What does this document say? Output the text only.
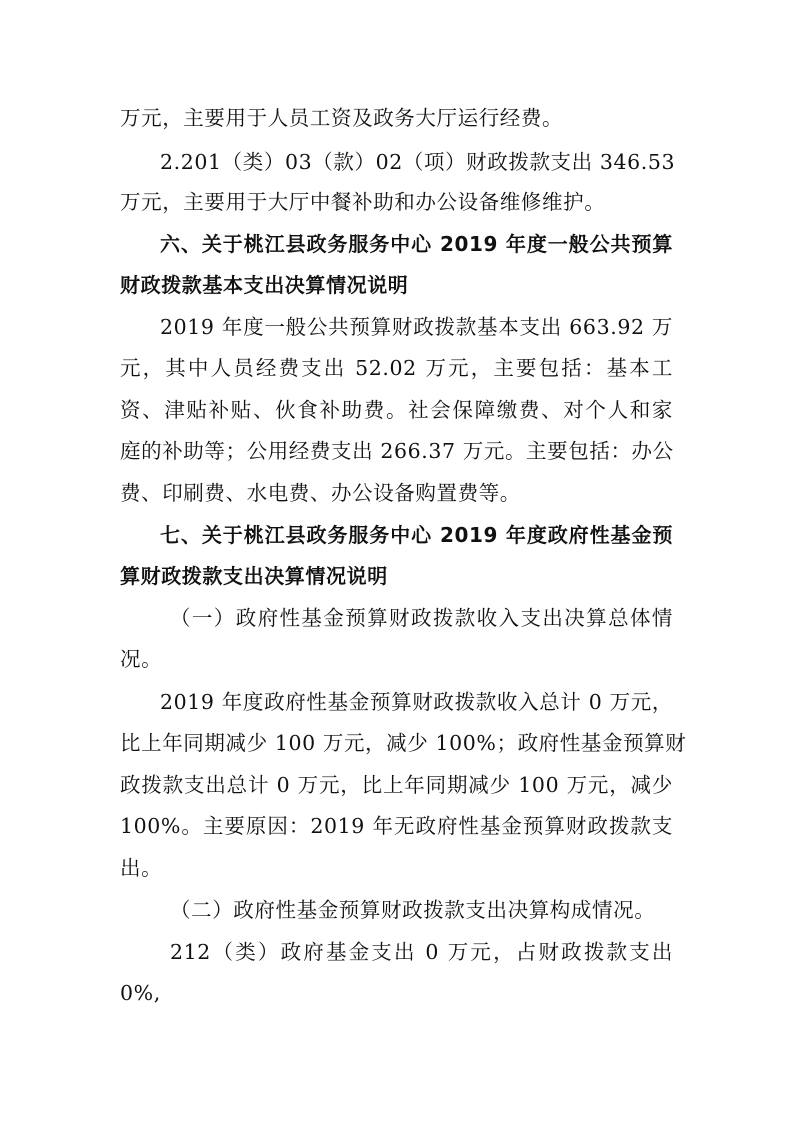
万元，主要用于人员工资及政务大厅运行经费。
2.201（类）03（款）02（项）财政拨款支出 346.53
万元，主要用于大厅中餐补助和办公设备维修维护。
六、关于桃江县政务服务中心 2019 年度一般公共预算
财政拨款基本支出决算情况说明
2019 年度一般公共预算财政拨款基本支出 663.92 万
元，其中人员经费支出 52.02 万元，主要包括：基本工
资、津贴补贴、伙食补助费。社会保障缴费、对个人和家
庭的补助等；公用经费支出 266.37 万元。主要包括：办公
费、印刷费、水电费、办公设备购置费等。
七、关于桃江县政务服务中心 2019 年度政府性基金预
算财政拨款支出决算情况说明
（一）政府性基金预算财政拨款收入支出决算总体情
况。
2019 年度政府性基金预算财政拨款收入总计 0 万元，
比上年同期减少 100 万元，减少 100%；政府性基金预算财
政拨款支出总计 0 万元，比上年同期减少 100 万元，减少
100%。主要原因：2019 年无政府性基金预算财政拨款支
出。
（二）政府性基金预算财政拨款支出决算构成情况。
212（类）政府基金支出 0 万元，占财政拨款支出
0%,
